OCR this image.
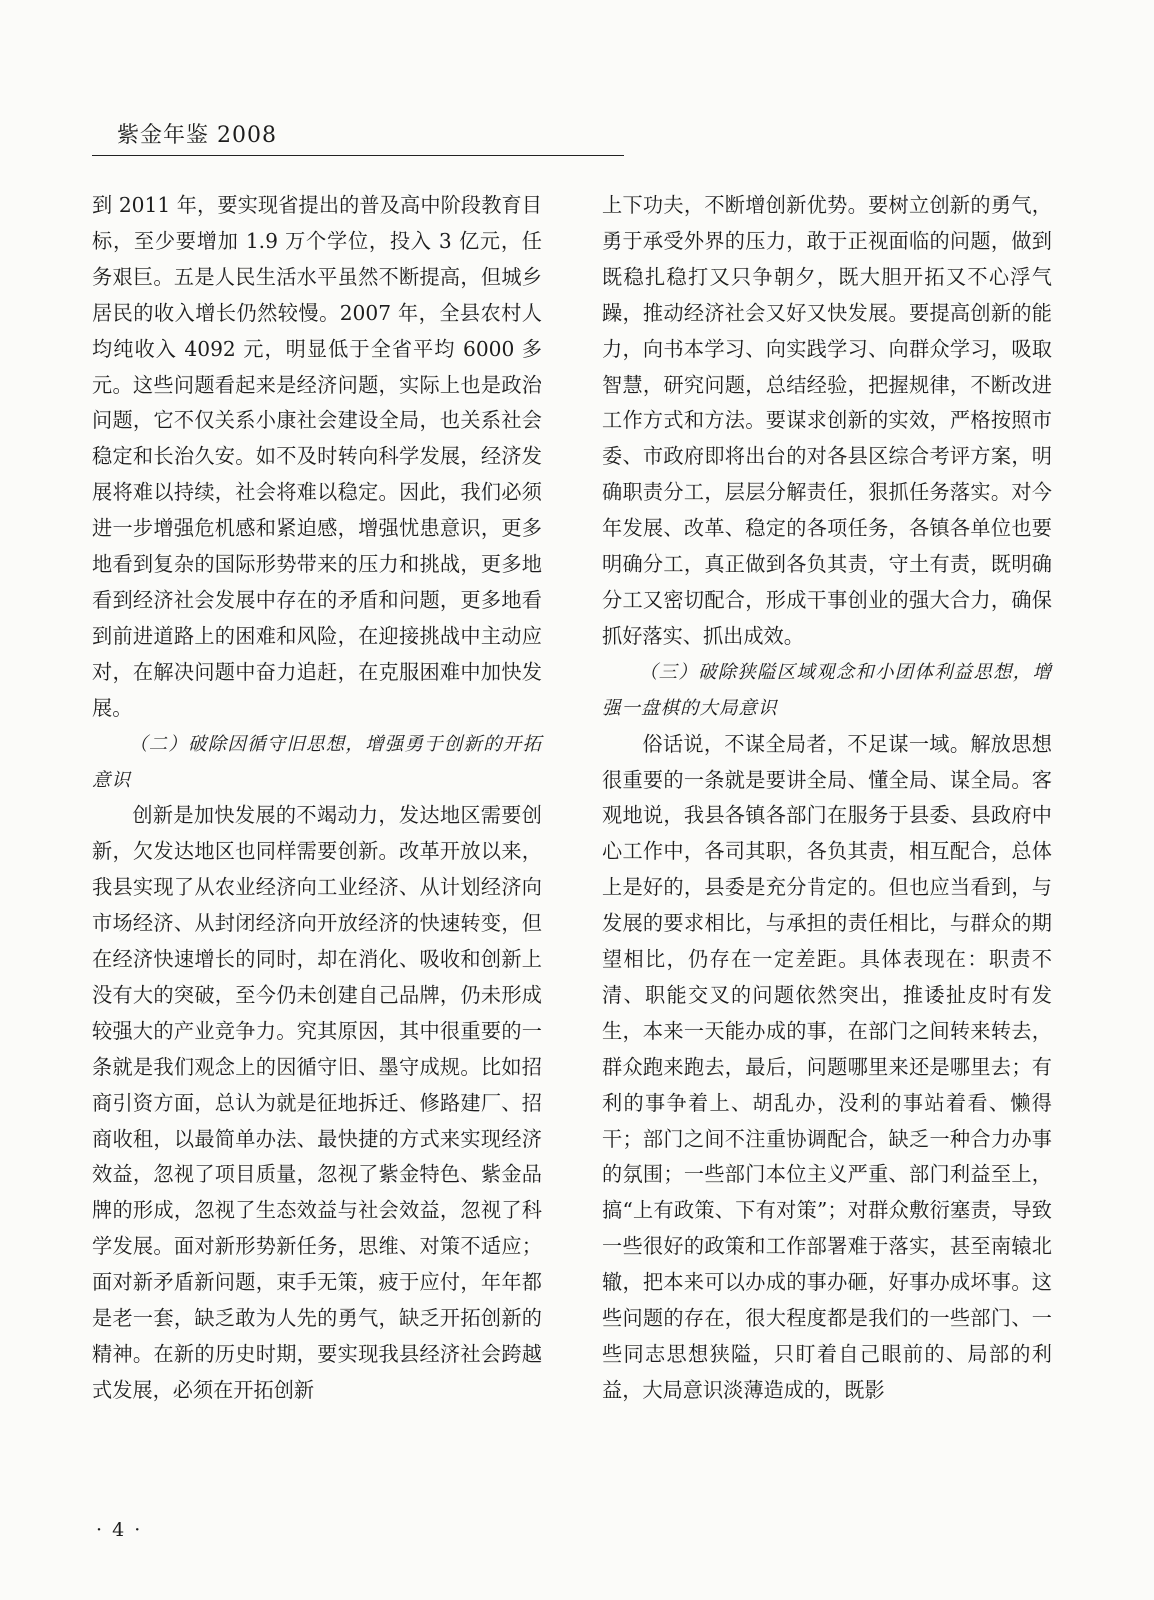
紫金年鉴 2008

到 2011 年，要实现省提出的普及高中阶段教育目标，至少要增加 1.9 万个学位，投入 3 亿元，任务艰巨。五是人民生活水平虽然不断提高，但城乡居民的收入增长仍然较慢。2007 年，全县农村人均纯收入 4092 元，明显低于全省平均 6000 多元。这些问题看起来是经济问题，实际上也是政治问题，它不仅关系小康社会建设全局，也关系社会稳定和长治久安。如不及时转向科学发展，经济发展将难以持续，社会将难以稳定。因此，我们必须进一步增强危机感和紧迫感，增强忧患意识，更多地看到复杂的国际形势带来的压力和挑战，更多地看到经济社会发展中存在的矛盾和问题，更多地看到前进道路上的困难和风险，在迎接挑战中主动应对，在解决问题中奋力追赶，在克服困难中加快发展。

（二）破除因循守旧思想，增强勇于创新的开拓意识

创新是加快发展的不竭动力，发达地区需要创新，欠发达地区也同样需要创新。改革开放以来，我县实现了从农业经济向工业经济、从计划经济向市场经济、从封闭经济向开放经济的快速转变，但在经济快速增长的同时，却在消化、吸收和创新上没有大的突破，至今仍未创建自己品牌，仍未形成较强大的产业竞争力。究其原因，其中很重要的一条就是我们观念上的因循守旧、墨守成规。比如招商引资方面，总认为就是征地拆迁、修路建厂、招商收租，以最简单办法、最快捷的方式来实现经济效益，忽视了项目质量，忽视了紫金特色、紫金品牌的形成，忽视了生态效益与社会效益，忽视了科学发展。面对新形势新任务，思维、对策不适应；面对新矛盾新问题，束手无策，疲于应付，年年都是老一套，缺乏敢为人先的勇气，缺乏开拓创新的精神。在新的历史时期，要实现我县经济社会跨越式发展，必须在开拓创新

上下功夫，不断增创新优势。要树立创新的勇气，勇于承受外界的压力，敢于正视面临的问题，做到既稳扎稳打又只争朝夕，既大胆开拓又不心浮气躁，推动经济社会又好又快发展。要提高创新的能力，向书本学习、向实践学习、向群众学习，吸取智慧，研究问题，总结经验，把握规律，不断改进工作方式和方法。要谋求创新的实效，严格按照市委、市政府即将出台的对各县区综合考评方案，明确职责分工，层层分解责任，狠抓任务落实。对今年发展、改革、稳定的各项任务，各镇各单位也要明确分工，真正做到各负其责，守土有责，既明确分工又密切配合，形成干事创业的强大合力，确保抓好落实、抓出成效。

（三）破除狭隘区域观念和小团体利益思想，增强一盘棋的大局意识

俗话说，不谋全局者，不足谋一域。解放思想很重要的一条就是要讲全局、懂全局、谋全局。客观地说，我县各镇各部门在服务于县委、县政府中心工作中，各司其职，各负其责，相互配合，总体上是好的，县委是充分肯定的。但也应当看到，与发展的要求相比，与承担的责任相比，与群众的期望相比，仍存在一定差距。具体表现在：职责不清、职能交叉的问题依然突出，推诿扯皮时有发生，本来一天能办成的事，在部门之间转来转去，群众跑来跑去，最后，问题哪里来还是哪里去；有利的事争着上、胡乱办，没利的事站着看、懒得干；部门之间不注重协调配合，缺乏一种合力办事的氛围；一些部门本位主义严重、部门利益至上，搞“上有政策、下有对策”；对群众敷衍塞责，导致一些很好的政策和工作部署难于落实，甚至南辕北辙，把本来可以办成的事办砸，好事办成坏事。这些问题的存在，很大程度都是我们的一些部门、一些同志思想狭隘，只盯着自己眼前的、局部的利益，大局意识淡薄造成的，既影

· 4 ·
